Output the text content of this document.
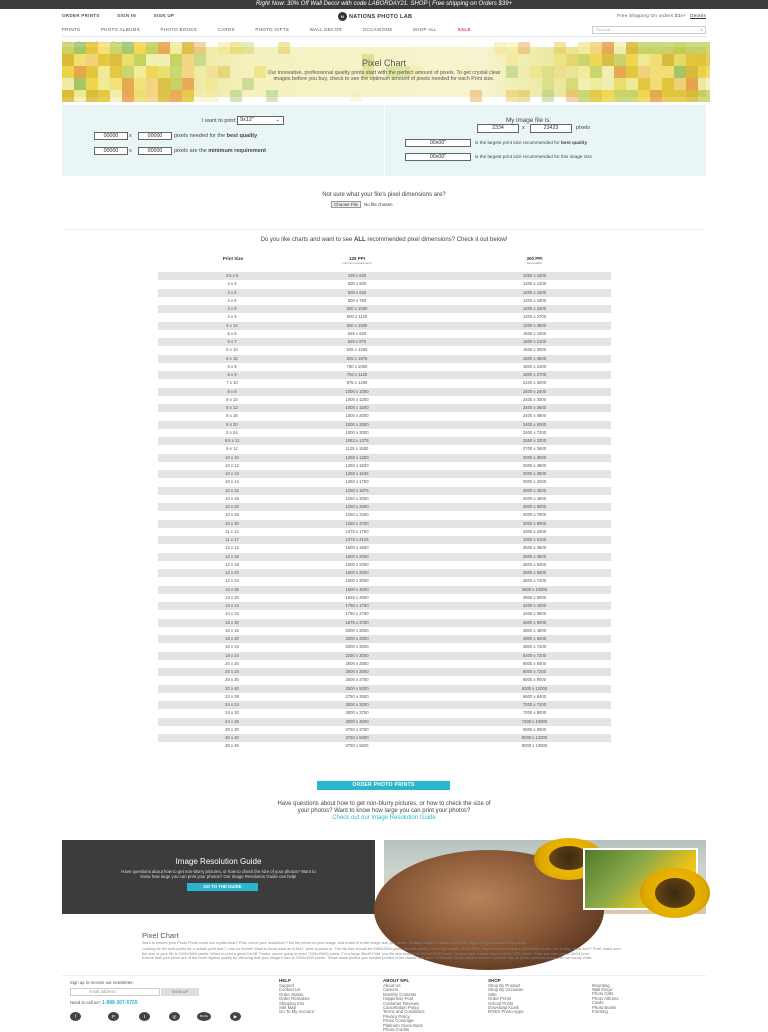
Right Now: 30% Off Wall Decor with code LABORDAY21. SHOP | Free shipping on Orders $39+
ORDER PRINTS	SIGN IN	SIGN UP	N NATIONS PHOTO LAB	Free Shipping On orders $34+ Details
PRINTS	PHOTO ALBUMS	PHOTO BOOKS	CARDS	PHOTO GIFTS	WALL DECOR	OCCASIONS	SHOP ALL	SALE	Search...	⌕
Pixel Chart
Our innovative, professional quality prints start with the perfect amount of pixels. To get crystal clear images before you buy, check to see the optimum amount of pixels needed for each Print size.
I want to print: 9x12"	⌄
00000	x	00000	pixels needed for the best quality
00000	x	00000	pixels are the minimum requirement
My image file is:
2334	x	23423	pixels
00x00"	is the largest print size recommended for best quality
00x00"	is the largest print size recommended for this image size
Not sure what your file's pixel dimensions are?
Choose File No file chosen
Do you like charts and want to see ALL recommended pixel dimensions? Check it out below!
Print Size	125 PPI
minimum requirement
300 PPI
best quality
3.5 x 5	438 x 625	1050 x 1500
4 x 4	500 x 500	1200 x 1200
4 x 5	500 x 625	1200 x 1500
4 x 6	500 x 750	1200 x 1800
4 x 8	500 x 1000	1200 x 2400
4 x 9	500 x 1125	1200 x 2700
4 x 12	500 x 1500	1200 x 3600
5 x 5	625 x 625	1500 x 1500
5 x 7	625 x 875	1500 x 2100
5 x 10	625 x 1250	1500 x 3000
5 x 15	625 x 1875	1500 x 4500
6 x 8	750 x 1000	1800 x 2400
6 x 9	750 x 1125	1800 x 2700
7 x 10	875 x 1250	2100 x 3000
8 x 8	1000 x 1000	2400 x 2400
8 x 10	1000 x 1250	2400 x 3000
8 x 12	1000 x 1500	2400 x 3600
8 x 16	1000 x 2000	2400 x 4800
8 x 20	1000 x 2500	2400 x 6000
8 x 24	1000 x 3000	2400 x 7200
8.5 x 11	1063 x 1375	2550 x 3300
9 x 12	1125 x 1500	2700 x 3600
10 x 10	1250 x 1250	3000 x 3000
10 x 12	1250 x 1500	3000 x 3600
10 x 13	1250 x 1625	3000 x 3900
10 x 14	1250 x 1750	3000 x 4200
10 x 15	1250 x 1875	3000 x 4500
10 x 16	1250 x 2000	3000 x 4800
10 x 20	1250 x 2500	3000 x 6000
10 x 26	1250 x 3250	3000 x 7800
10 x 30	1250 x 3750	3000 x 9000
11 x 14	1375 x 1750	3300 x 4200
11 x 17	1375 x 2125	3300 x 5100
12 x 12	1500 x 1500	3600 x 3600
12 x 16	1500 x 2000	3600 x 4800
12 x 18	1500 x 2250	3600 x 5400
12 x 20	1500 x 2500	3600 x 6000
12 x 24	1500 x 3000	3600 x 7200
12 x 36	1500 x 4500	3600 x 10800
13 x 20	1625 x 2500	3900 x 6000
14 x 14	1750 x 1750	4200 x 4200
14 x 22	1750 x 2750	4200 x 6600
15 x 30	1875 x 3750	4500 x 9000
16 x 16	2000 x 2000	4800 x 4800
16 x 20	2000 x 2500	4800 x 6000
16 x 24	2000 x 3000	4800 x 7200
18 x 24	2250 x 3000	5400 x 7200
20 x 20	2500 x 2500	6000 x 6000
20 x 24	2500 x 3000	6000 x 7200
20 x 30	2500 x 3750	6000 x 9000
20 x 40	2500 x 5000	6000 x 12000
22 x 28	2750 x 3500	6600 x 8400
24 x 24	3000 x 3000	7200 x 7200
24 x 30	3000 x 3750	7200 x 9000
24 x 36	3000 x 4500	7200 x 10800
30 x 30	3750 x 3750	9000 x 9000
30 x 40	3750 x 5000	9000 x 12000
30 x 45	3750 x 5625	9000 x 13500
ORDER PHOTO PRINTS
Have questions about how to get non-blurry pictures, or how to check the size of
your photos? Want to know how large you can print your photos?
Check out our Image Resolution Guide
Image Resolution Guide
Have questions about how to get non-blurry pictures, or how to check the size of your photos? Want to know how large you can print your photos? Our Image Resolution Guide can help!
GO TO THE GUIDE
Pixel Chart
Want to ensure your Photo Prints come out crystal clear? First, check your resolution! Find the prints for your image, and match it to the image size you desire. Smaller images require less pixels, bigger images require more pixels.
Looking for the best pixels for a certain print size? Look no further! Want to know what an 8.5x11" print is pixels of. The file size should be 2550x3300 pixels for best quality. For a high quality 16x20 Print, ensure that you have a 4800x6000 pixels. For a crisp, clear 8x10" Print, make sure the size of your file is 2400x3000 pixels. When to print a great 24x36" Poster, you're going to need 7200x10800 pixels. For a large 30x40 Print, you file size should be 9000x12000 pixels. Do you have a photo that is 4500x7200 pixels? Then you can print a 15x24 print.
Ensure that your prints are of the most highest quality by checking that your image's size is 3000x4200 pixels. These same photos you needed printed in the classic 4x6 size? 1200x1800 is the perfect amount of pixels! See all of the optimum pixels with our handy chart.
Sign up to receive our newsletter:
email address	SIGN UP
Need to call us? 1-888-307-5755
f	P	t	◎	BLOG	▶
HELP
Support
Contact Us
Order Status
Order Remakes
Shipping Info
Site Map
Go To My Account
ABOUT NPL
About Us
Careers
Monthly Contests
Happiness Post
Customer Reviews
Cancellation Policy
Terms and Conditions
Privacy Policy
Press Coverage
Platinum Gives Back
Photo Credits
SHOP
Shop By Product
Shop By Occasion
Sale
Order Prints
School Prints
Download Kiosk
ROES Photo Apps
Mounting
Wall Decor
Photo Gifts
Photo Albums
Cards
Photo Books
Framing
